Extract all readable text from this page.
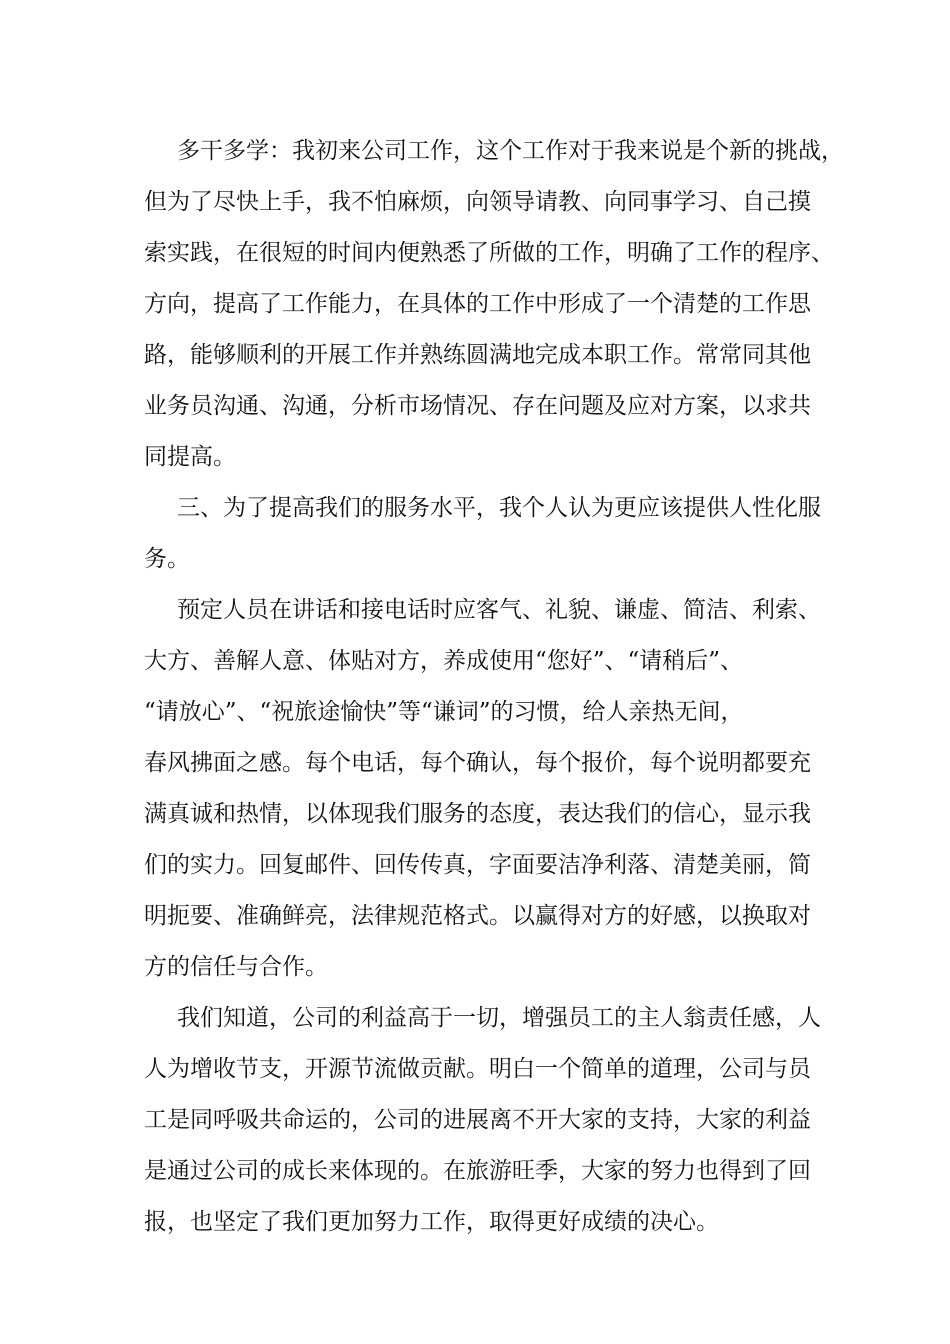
多干多学：我初来公司工作，这个工作对于我来说是个新的挑战，
但为了尽快上手，我不怕麻烦，向领导请教、向同事学习、自己摸
索实践，在很短的时间内便熟悉了所做的工作，明确了工作的程序、
方向，提高了工作能力，在具体的工作中形成了一个清楚的工作思
路，能够顺利的开展工作并熟练圆满地完成本职工作。常常同其他
业务员沟通、沟通，分析市场情况、存在问题及应对方案，以求共
同提高。
三、为了提高我们的服务水平，我个人认为更应该提供人性化服
务。
预定人员在讲话和接电话时应客气、礼貌、谦虚、简洁、利索、
大方、善解人意、体贴对方，养成使用“您好”、“请稍后”、
“请放心”、“祝旅途愉快”等“谦词”的习惯，给人亲热无间，
春风拂面之感。每个电话，每个确认，每个报价，每个说明都要充
满真诚和热情，以体现我们服务的态度，表达我们的信心，显示我
们的实力。回复邮件、回传传真，字面要洁净利落、清楚美丽，简
明扼要、准确鲜亮，法律规范格式。以赢得对方的好感，以换取对
方的信任与合作。
我们知道，公司的利益高于一切，增强员工的主人翁责任感，人
人为增收节支，开源节流做贡献。明白一个简单的道理，公司与员
工是同呼吸共命运的，公司的进展离不开大家的支持，大家的利益
是通过公司的成长来体现的。在旅游旺季，大家的努力也得到了回
报，也坚定了我们更加努力工作，取得更好成绩的决心。
